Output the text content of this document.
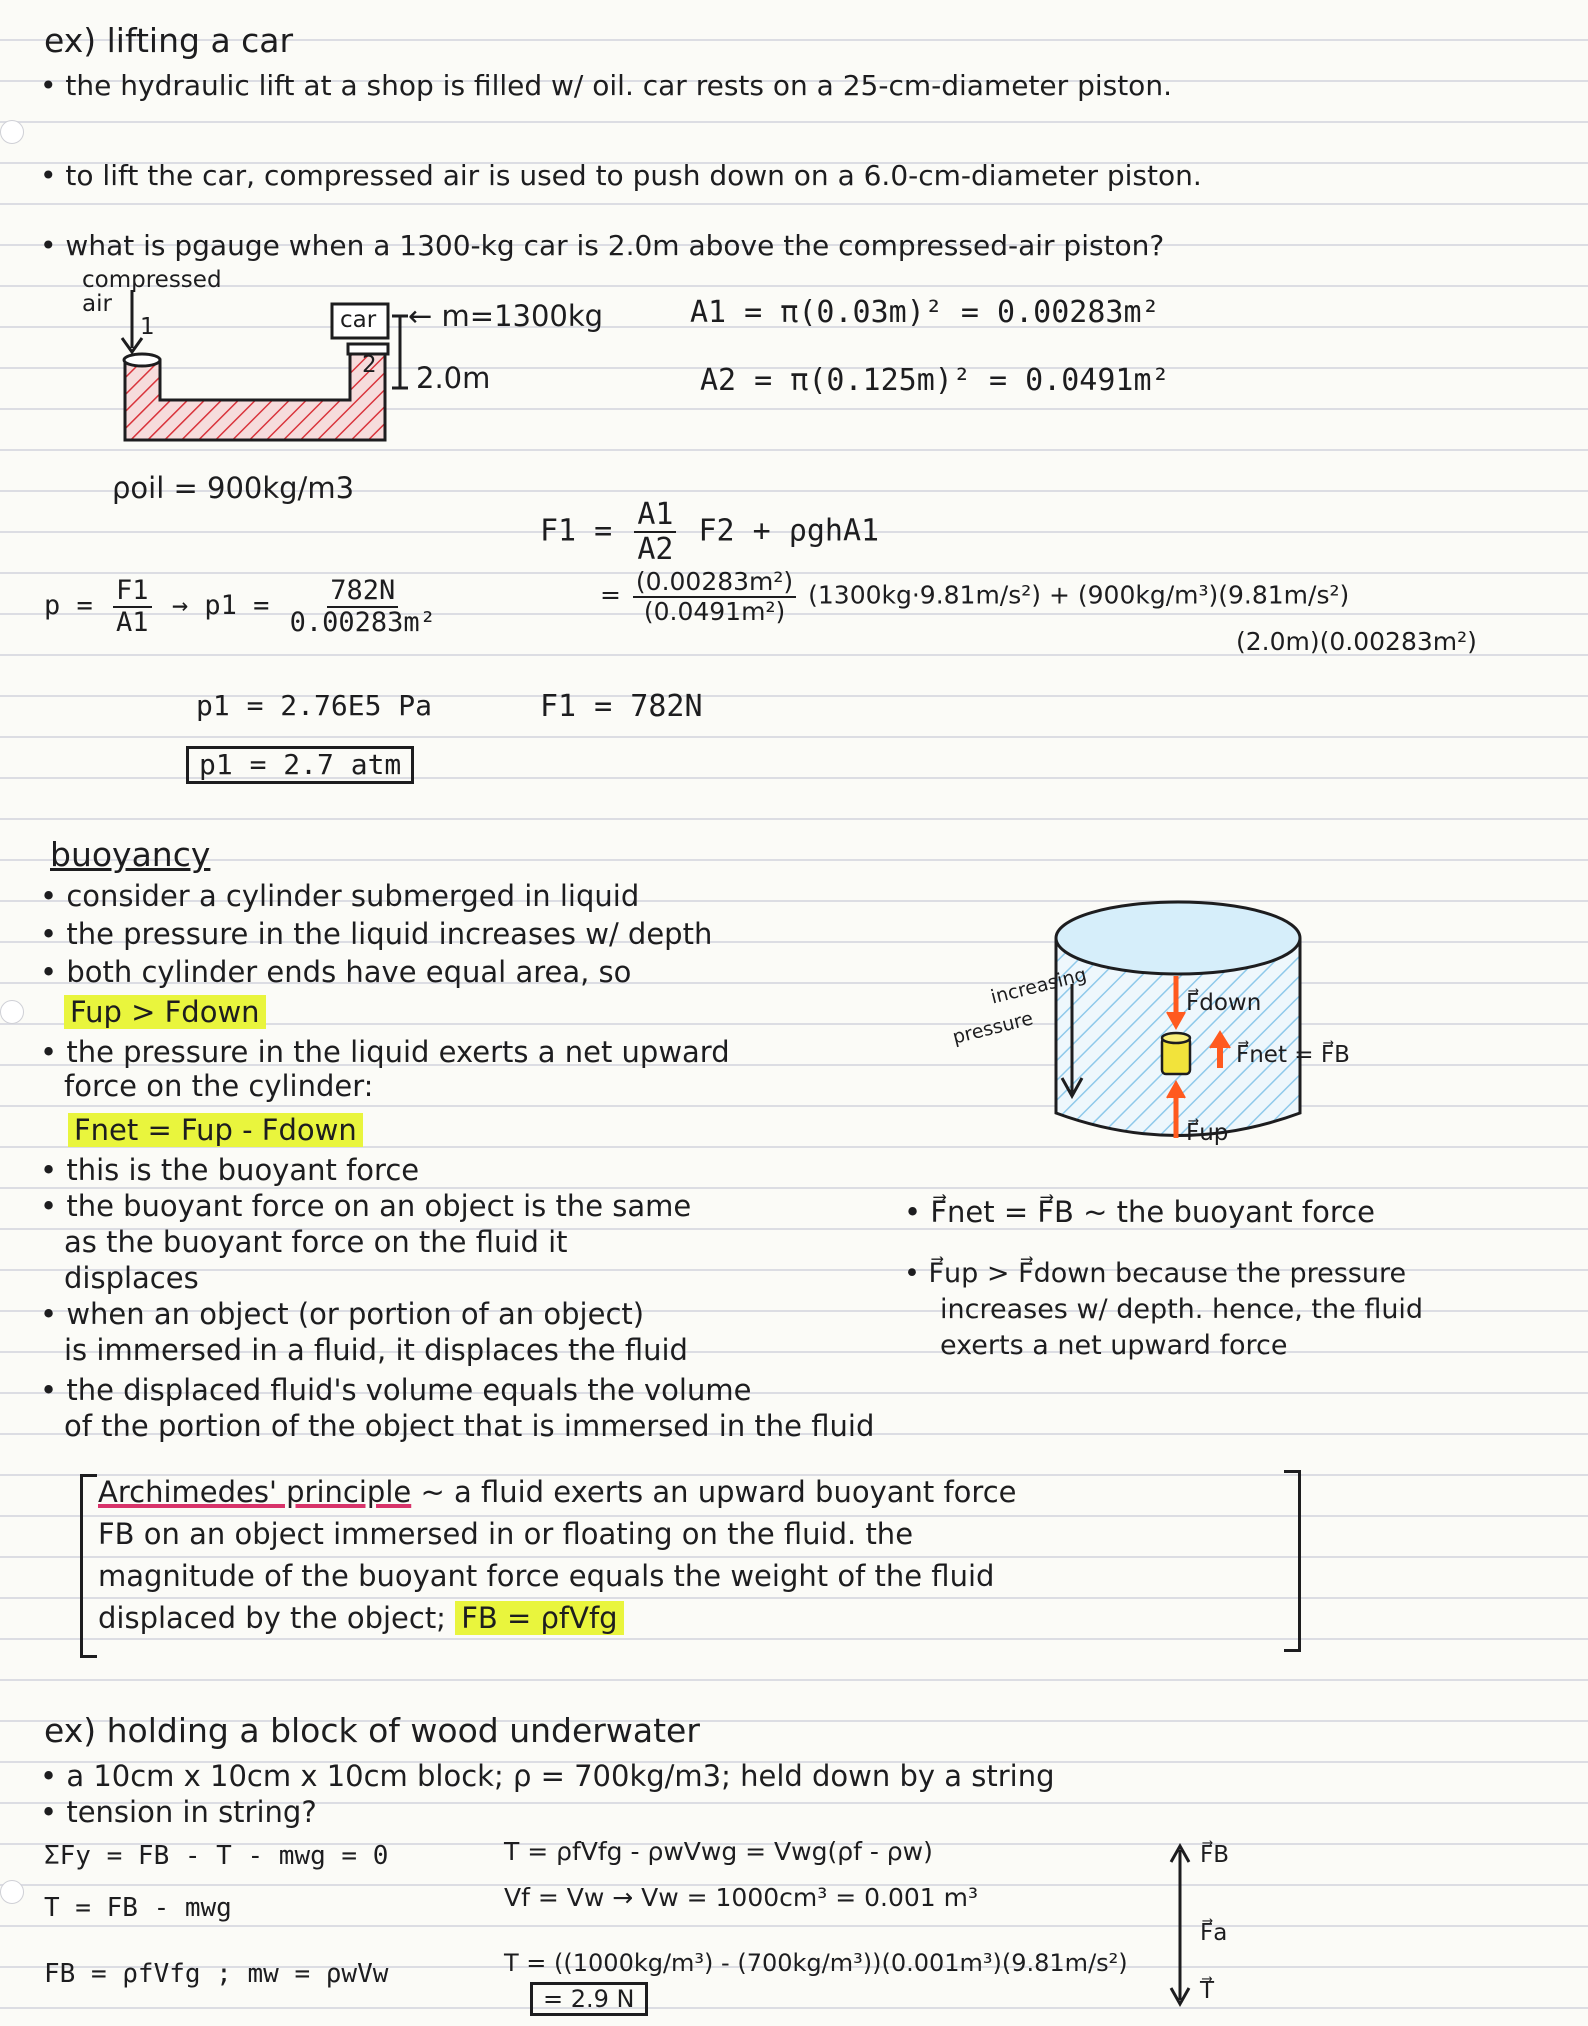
ex) lifting a car
• the hydraulic lift at a shop is filled w/ oil. car rests on a 25-cm-diameter piston.
• to lift the car, compressed air is used to push down on a 6.0-cm-diameter piston.
• what is pgauge when a 1300-kg car is 2.0m above the compressed-air piston?
compressed air
car
1
2
← m=1300kg
2.0m
ρoil = 900kg/m3
A1 = π(0.03m)² = 0.00283m²
A2 = π(0.125m)² = 0.0491m²
$F1 = \frac{A1}{A2} F2 + \rho ghA1$
= $\frac{\text{(0.00283m²)}}{\text{(0.0491m²)}} (1300kg\cdot 9.81m/s^2) + (900kg/m^3)(9.81m/s^2)$
(2.0m)(0.00283m²)
F1 = 782N
$p = \frac{F1}{A1} \to p1 = \frac{782N}{\text{0.00283m²}}$
p1 = 2.76E5 Pa
p1 = 2.7 atm
buoyancy
• consider a cylinder submerged in liquid
• the pressure in the liquid increases w/ depth
• both cylinder ends have equal area, so
Fup > Fdown
• the pressure in the liquid exerts a net upward
force on the cylinder:
Fnet = Fup - Fdown
• this is the buoyant force
• the buoyant force on an object is the same
as the buoyant force on the fluid it
displaces
• when an object (or portion of an object)
is immersed in a fluid, it displaces the fluid
• the displaced fluid's volume equals the volume
of the portion of the object that is immersed in the fluid
increasing
pressure
F⃗down
F⃗net = F⃗B
F⃗up
• F⃗net = F⃗B ~ the buoyant force
• F⃗up > F⃗down because the pressure
increases w/ depth. hence, the fluid
exerts a net upward force
Archimedes' principle ~ a fluid exerts an upward buoyant force
FB on an object immersed in or floating on the fluid. the
magnitude of the buoyant force equals the weight of the fluid
displaced by the object; FB = ρfVfg
ex) holding a block of wood underwater
• a 10cm x 10cm x 10cm block; ρ = 700kg/m3; held down by a string
• tension in string?
ΣFy = FB - T - mwg = 0
T = FB - mwg
FB = ρfVfg ; mw = ρwVw
T = ρfVfg - ρwVwg = Vwg(ρf - ρw)
Vf = Vw → Vw = 1000cm³ = 0.001 m³
T = ((1000kg/m³) - (700kg/m³))(0.001m³)(9.81m/s²)
= 2.9 N
F⃗B
F⃗a
T⃗
